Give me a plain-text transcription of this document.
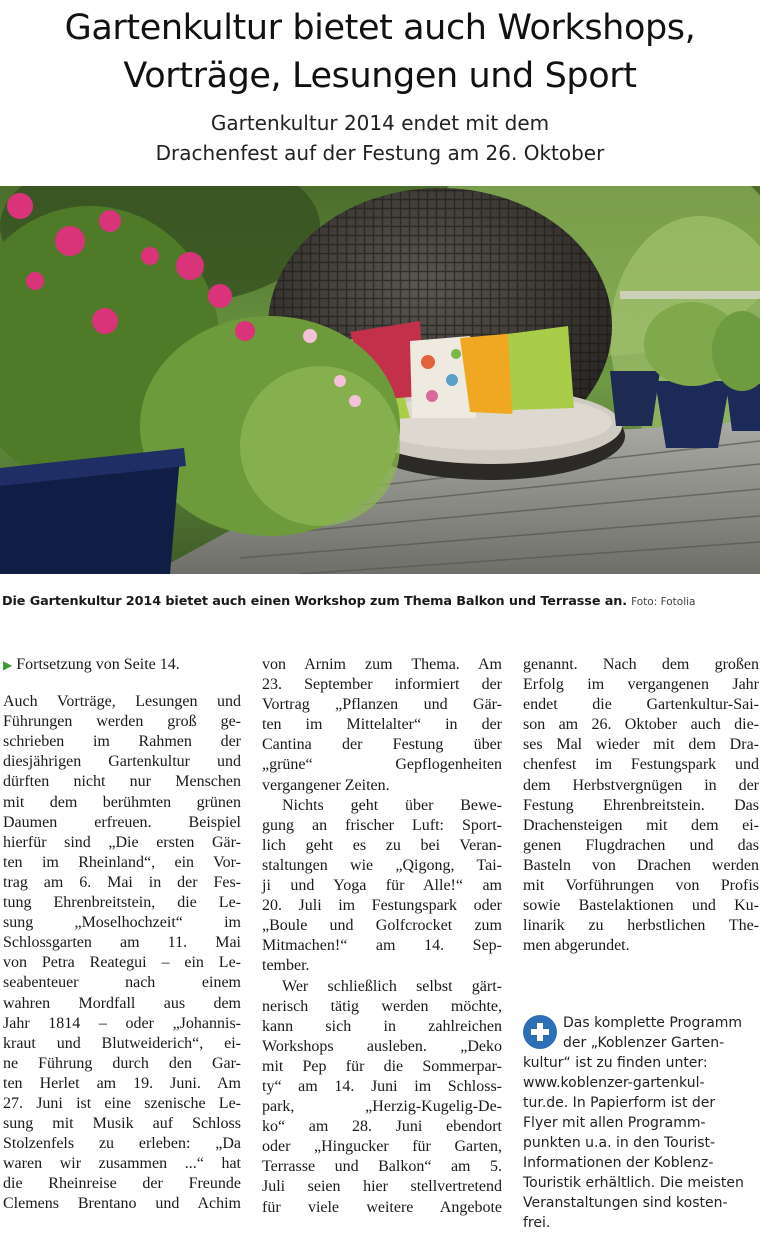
Gartenkultur bietet auch Workshops,
Vorträge, Lesungen und Sport
Gartenkultur 2014 endet mit dem
Drachenfest auf der Festung am 26. Oktober
Die Gartenkultur 2014 bietet auch einen Workshop zum Thema Balkon und Terrasse an. Foto: Fotolia

▶ Fortsetzung von Seite 14.

Auch Vorträge, Lesungen und

Führungen werden groß ge-

schrieben im Rahmen der

diesjährigen Gartenkultur und

dürften nicht nur Menschen

mit dem berühmten grünen

Daumen erfreuen. Beispiel

hierfür sind „Die ersten Gär-

ten im Rheinland“, ein Vor-

trag am 6. Mai in der Fes-

tung Ehrenbreitstein, die Le-

sung „Moselhochzeit“ im

Schlossgarten am 11. Mai

von Petra Reategui – ein Le-

seabenteuer nach einem

wahren Mordfall aus dem

Jahr 1814 – oder „Johannis-

kraut und Blutweiderich“, ei-

ne Führung durch den Gar-

ten Herlet am 19. Juni. Am

27. Juni ist eine szenische Le-

sung mit Musik auf Schloss

Stolzenfels zu erleben: „Da

waren wir zusammen ...“ hat

die Rheinreise der Freunde

Clemens Brentano und Achim

von Arnim zum Thema. Am

23. September informiert der

Vortrag „Pflanzen und Gär-

ten im Mittelalter“ in der

Cantina der Festung über

„grüne“ Gepflogenheiten

vergangener Zeiten.

Nichts geht über Bewe-

gung an frischer Luft: Sport-

lich geht es zu bei Veran-

staltungen wie „Qigong, Tai-

ji und Yoga für Alle!“ am

20. Juli im Festungspark oder

„Boule und Golfcrocket zum

Mitmachen!“ am 14. Sep-

tember.

Wer schließlich selbst gärt-

nerisch tätig werden möchte,

kann sich in zahlreichen

Workshops ausleben. „Deko

mit Pep für die Sommerpar-

ty“ am 14. Juni im Schloss-

park, „Herzig-Kugelig-De-

ko“ am 28. Juni ebendort

oder „Hingucker für Garten,

Terrasse und Balkon“ am 5.

Juli seien hier stellvertretend

für viele weitere Angebote

genannt. Nach dem großen

Erfolg im vergangenen Jahr

endet die Gartenkultur-Sai-

son am 26. Oktober auch die-

ses Mal wieder mit dem Dra-

chenfest im Festungspark und

dem Herbstvergnügen in der

Festung Ehrenbreitstein. Das

Drachensteigen mit dem ei-

genen Flugdrachen und das

Basteln von Drachen werden

mit Vorführungen von Profis

sowie Bastelaktionen und Ku-

linarik zu herbstlichen The-

men abgerundet.

Das komplette Programm
der „Koblenzer Garten-
kultur“ ist zu finden unter:
www.koblenzer-gartenkul-
tur.de. In Papierform ist der
Flyer mit allen Programm-
punkten u.a. in den Tourist-
Informationen der Koblenz-
Touristik erhältlich. Die meisten
Veranstaltungen sind kosten-
frei.
